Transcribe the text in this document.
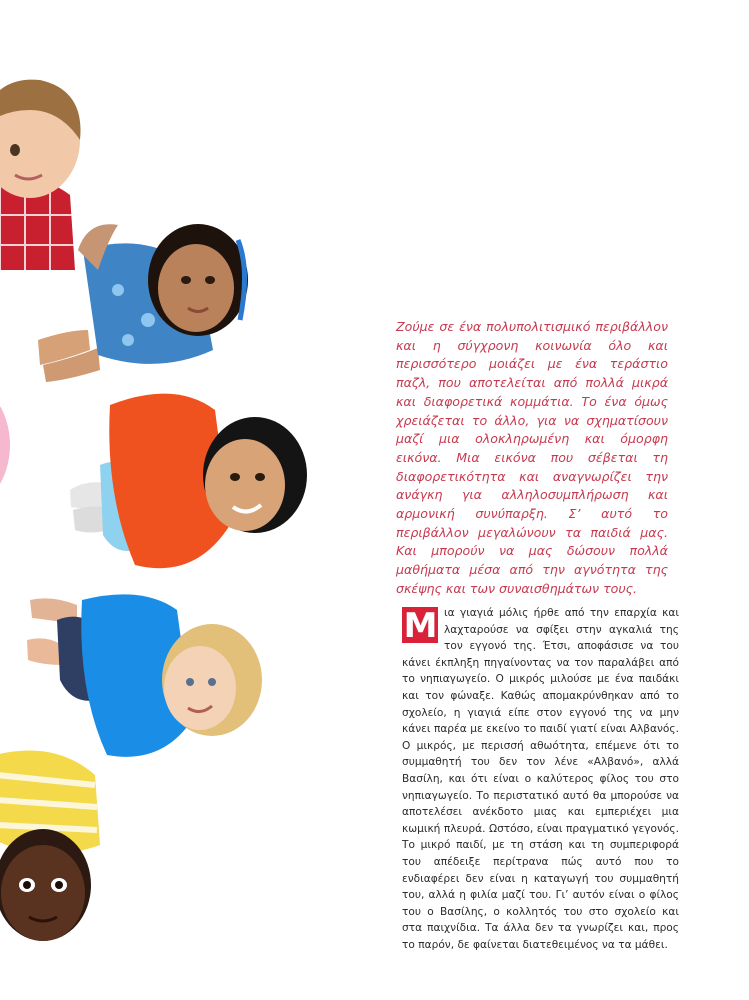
Ζούμε σε ένα πολυπολιτισμικό περιβάλλον και η σύγχρονη κοινωνία όλο και περισσότερο μοιάζει με ένα τεράστιο παζλ, που αποτελείται από πολλά μικρά και διαφορετικά κομμάτια. Το ένα όμως χρειάζεται το άλλο, για να σχηματίσουν μαζί μια ολοκληρωμένη και όμορφη εικόνα. Μια εικόνα που σέβεται τη διαφορετικότητα και αναγνωρίζει την ανάγκη για αλληλοσυμπλήρωση και αρμονική συνύπαρξη. Σ’ αυτό το περιβάλλον μεγαλώνουν τα παιδιά μας. Και μπορούν να μας δώσουν πολλά μαθήματα μέσα από την αγνότητα της σκέψης και των συναισθημάτων τους.

Μ ια γιαγιά μόλις ήρθε από την επαρχία και λαχταρούσε να σφίξει στην αγκαλιά της τον εγγονό της. Έτσι, αποφάσισε να του κάνει έκπληξη πηγαίνοντας να τον παραλάβει από το νηπιαγωγείο. Ο μικρός μιλούσε με ένα παιδάκι και τον φώναξε. Καθώς απομακρύνθηκαν από το σχολείο, η γιαγιά είπε στον εγγονό της να μην κάνει παρέα με εκείνο το παιδί γιατί είναι Αλβανός. Ο μικρός, με περισσή αθωότητα, επέμενε ότι το συμμαθητή του δεν τον λένε «Αλβανό», αλλά Βασίλη, και ότι είναι ο καλύτερος φίλος του στο νηπιαγωγείο. Το περιστατικό αυτό θα μπορούσε να αποτελέσει ανέκδοτο μιας και εμπεριέχει μια κωμική πλευρά. Ωστόσο, είναι πραγματικό γεγονός. Το μικρό παιδί, με τη στάση και τη συμπεριφορά του απέδειξε περίτρανα πώς αυτό που το ενδιαφέρει δεν είναι η καταγωγή του συμμαθητή του, αλλά η φιλία μαζί του. Γι’ αυτόν είναι ο φίλος του ο Βασίλης, ο κολλητός του στο σχολείο και στα παιχνίδια. Τα άλλα δεν τα γνωρίζει και, προς το παρόν, δε φαίνεται διατεθειμένος να τα μάθει.
